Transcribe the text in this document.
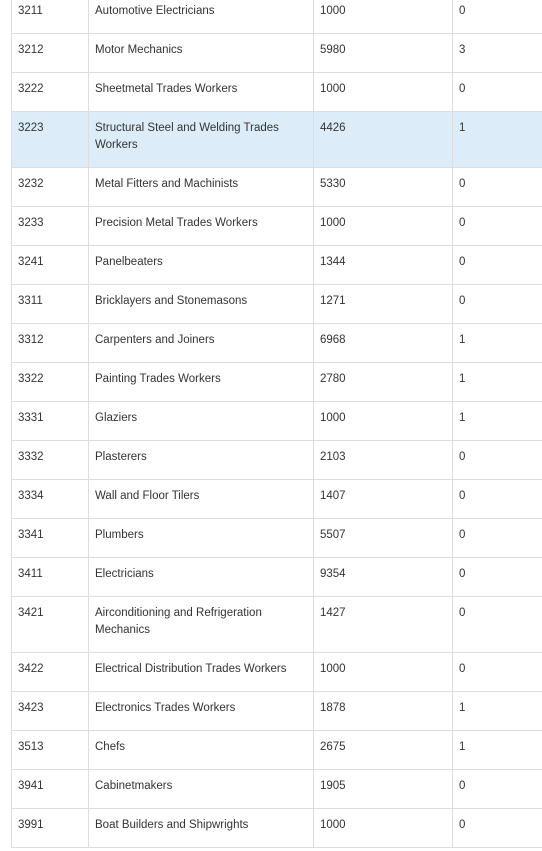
3211	Automotive Electricians	1000	0
3212	Motor Mechanics	5980	3
3222	Sheetmetal Trades Workers	1000	0
3223	Structural Steel and Welding Trades Workers	4426	1
3232	Metal Fitters and Machinists	5330	0
3233	Precision Metal Trades Workers	1000	0
3241	Panelbeaters	1344	0
3311	Bricklayers and Stonemasons	1271	0
3312	Carpenters and Joiners	6968	1
3322	Painting Trades Workers	2780	1
3331	Glaziers	1000	1
3332	Plasterers	2103	0
3334	Wall and Floor Tilers	1407	0
3341	Plumbers	5507	0
3411	Electricians	9354	0
3421	Airconditioning and Refrigeration Mechanics	1427	0
3422	Electrical Distribution Trades Workers	1000	0
3423	Electronics Trades Workers	1878	1
3513	Chefs	2675	1
3941	Cabinetmakers	1905	0
3991	Boat Builders and Shipwrights	1000	0
